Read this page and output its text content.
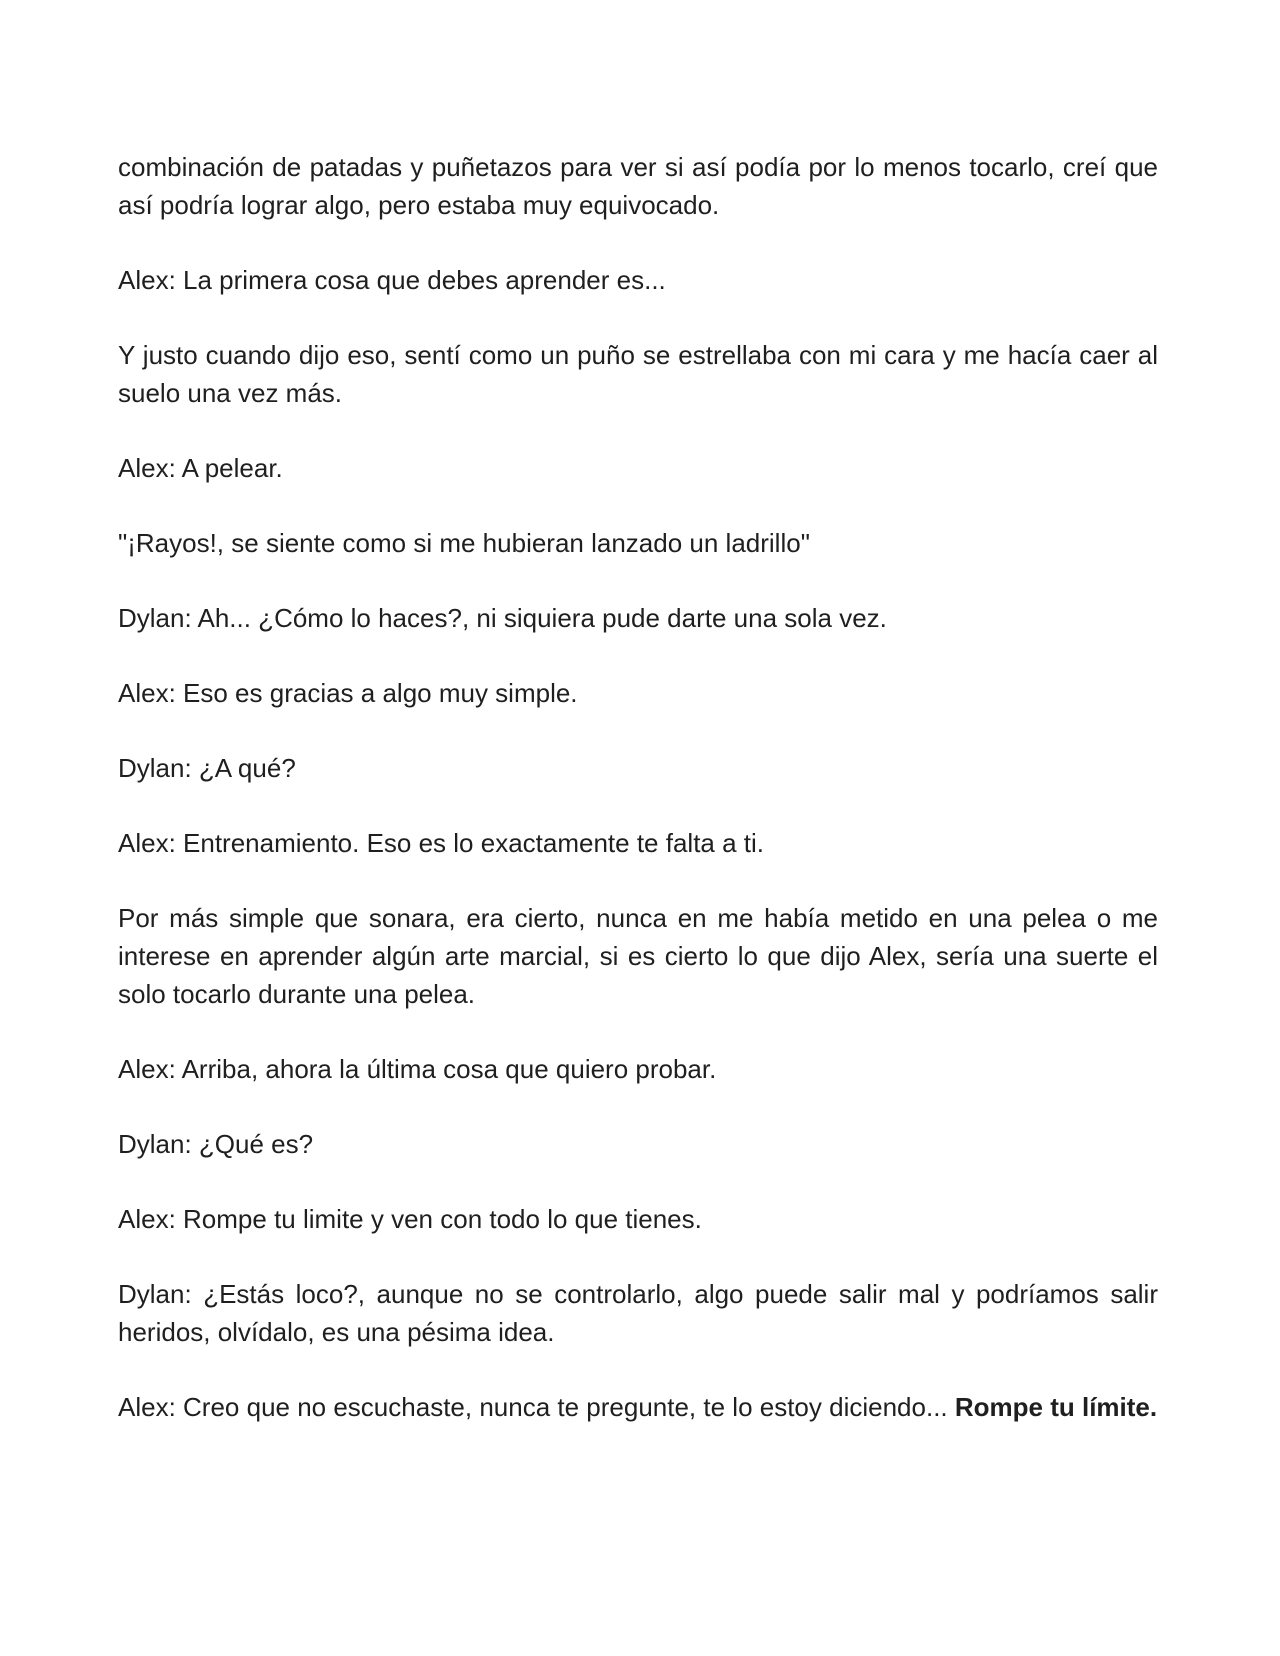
combinación de patadas y puñetazos para ver si así podía por lo menos tocarlo, creí que así podría lograr algo, pero estaba muy equivocado.

Alex: La primera cosa que debes aprender es...

Y justo cuando dijo eso, sentí como un puño se estrellaba con mi cara y me hacía caer al suelo una vez más.

Alex: A pelear.

"¡Rayos!, se siente como si me hubieran lanzado un ladrillo"

Dylan: Ah... ¿Cómo lo haces?, ni siquiera pude darte una sola vez.

Alex: Eso es gracias a algo muy simple.

Dylan: ¿A qué?

Alex: Entrenamiento. Eso es lo exactamente te falta a ti.

Por más simple que sonara, era cierto, nunca en me había metido en una pelea o me interese en aprender algún arte marcial, si es cierto lo que dijo Alex, sería una suerte el solo tocarlo durante una pelea.

Alex: Arriba, ahora la última cosa que quiero probar.

Dylan: ¿Qué es?

Alex: Rompe tu limite y ven con todo lo que tienes.

Dylan: ¿Estás loco?, aunque no se controlarlo, algo puede salir mal y podríamos salir heridos, olvídalo, es una pésima idea.

Alex: Creo que no escuchaste, nunca te pregunte, te lo estoy diciendo... Rompe tu límite.
